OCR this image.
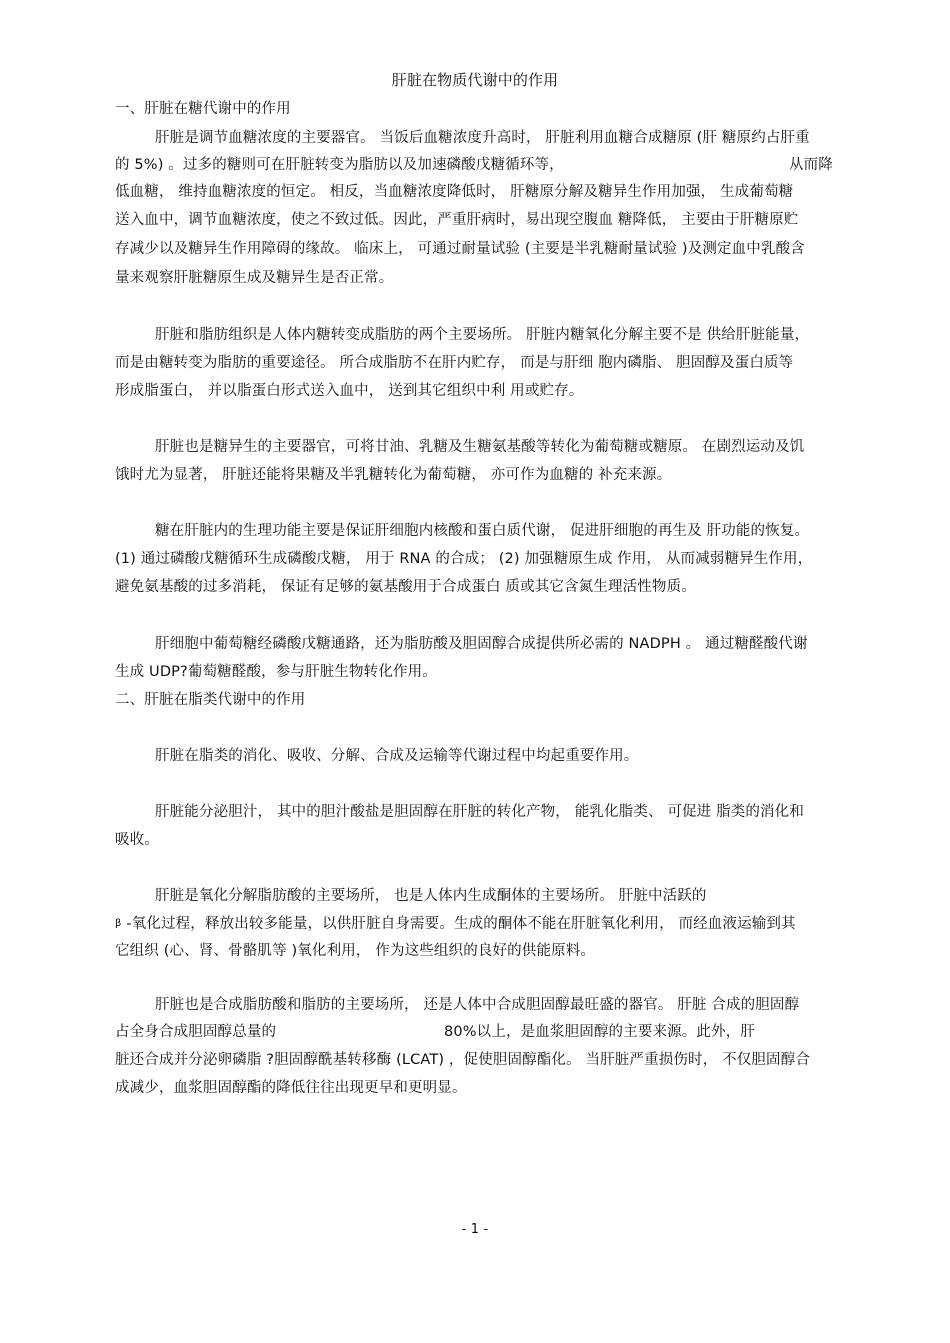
肝脏在物质代谢中的作用
一、肝脏在糖代谢中的作用
肝脏是调节血糖浓度的主要器官。 当饭后血糖浓度升高时， 肝脏利用血糖合成糖原 (肝 糖原约占肝重
的 5%) 。过多的糖则可在肝脏转变为脂肪以及加速磷酸戊糖循环等，	从而降
低血糖， 维持血糖浓度的恒定。 相反，当血糖浓度降低时， 肝糖原分解及糖异生作用加强， 生成葡萄糖
送入血中，调节血糖浓度，使之不致过低。因此，严重肝病时，易出现空腹血 糖降低， 主要由于肝糖原贮
存减少以及糖异生作用障碍的缘故。 临床上， 可通过耐量试验 (主要是半乳糖耐量试验 )及测定血中乳酸含
量来观察肝脏糖原生成及糖异生是否正常。
肝脏和脂肪组织是人体内糖转变成脂肪的两个主要场所。 肝脏内糖氧化分解主要不是 供给肝脏能量，
而是由糖转变为脂肪的重要途径。 所合成脂肪不在肝内贮存， 而是与肝细 胞内磷脂、 胆固醇及蛋白质等
形成脂蛋白， 并以脂蛋白形式送入血中， 送到其它组织中利 用或贮存。
肝脏也是糖异生的主要器官，可将甘油、乳糖及生糖氨基酸等转化为葡萄糖或糖原。 在剧烈运动及饥
饿时尤为显著， 肝脏还能将果糖及半乳糖转化为葡萄糖， 亦可作为血糖的 补充来源。
糖在肝脏内的生理功能主要是保证肝细胞内核酸和蛋白质代谢， 促进肝细胞的再生及 肝功能的恢复。
(1) 通过磷酸戊糖循环生成磷酸戊糖， 用于 RNA 的合成； (2) 加强糖原生成 作用， 从而减弱糖异生作用，
避免氨基酸的过多消耗， 保证有足够的氨基酸用于合成蛋白 质或其它含氮生理活性物质。
肝细胞中葡萄糖经磷酸戊糖通路，还为脂肪酸及胆固醇合成提供所必需的 NADPH 。 通过糖醛酸代谢
生成 UDP?葡萄糖醛酸，参与肝脏生物转化作用。
二、肝脏在脂类代谢中的作用
肝脏在脂类的消化、吸收、分解、合成及运输等代谢过程中均起重要作用。
肝脏能分泌胆汁， 其中的胆汁酸盐是胆固醇在肝脏的转化产物， 能乳化脂类、 可促进 脂类的消化和
吸收。
肝脏是氧化分解脂肪酸的主要场所， 也是人体内生成酮体的主要场所。 肝脏中活跃的
β -氧化过程，释放出较多能量，以供肝脏自身需要。生成的酮体不能在肝脏氧化利用， 而经血液运输到其
它组织 (心、肾、骨骼肌等 )氧化利用， 作为这些组织的良好的供能原料。
肝脏也是合成脂肪酸和脂肪的主要场所， 还是人体中合成胆固醇最旺盛的器官。 肝脏 合成的胆固醇
占全身合成胆固醇总量的	80%以上，是血浆胆固醇的主要来源。此外，肝
脏还合成并分泌卵磷脂 ?胆固醇酰基转移酶 (LCAT) ，促使胆固醇酯化。 当肝脏严重损伤时， 不仅胆固醇合
成减少，血浆胆固醇酯的降低往往出现更早和更明显。
- 1 -
